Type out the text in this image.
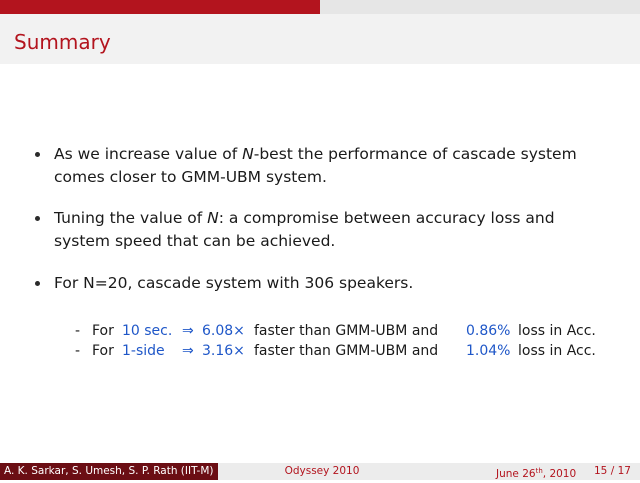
Summary
As we increase value of N-best the performance of cascade system
comes closer to GMM-UBM system.
Tuning the value of N: a compromise between accuracy loss and
system speed that can be achieved.
For N=20, cascade system with 306 speakers.
- For 10 sec. ⇒ 6.08× faster than GMM-UBM and 0.86% loss in Acc.
- For 1-side ⇒ 3.16× faster than GMM-UBM and 1.04% loss in Acc.
A. K. Sarkar, S. Umesh, S. P. Rath (IIT-M)	Odyssey 2010	June 26th, 2010 15 / 17
